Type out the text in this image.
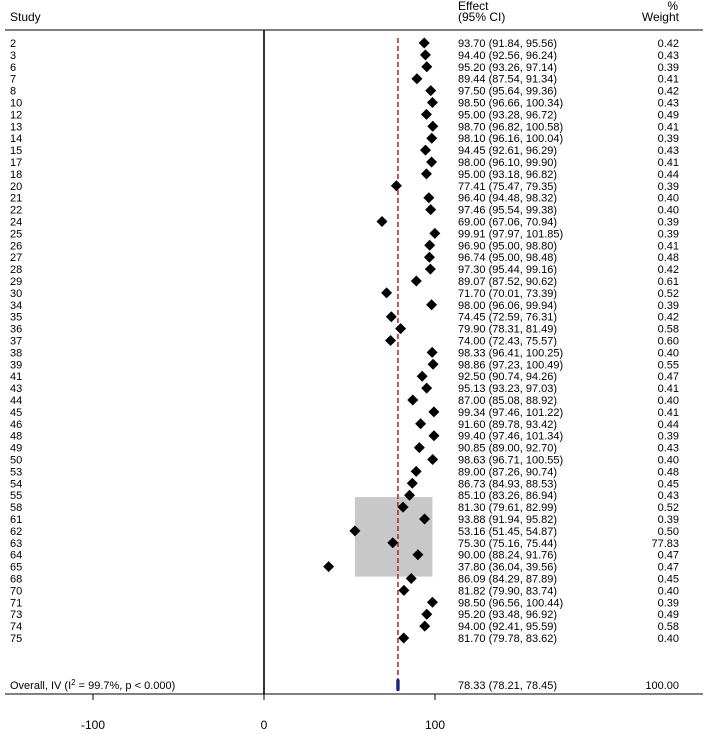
Study
Effect
(95% CI)
%
Weight
2	93.70 (91.84, 95.56)	0.42
3	94.40 (92.56, 96.24)	0.43
6	95.20 (93.26, 97.14)	0.39
7	89.44 (87.54, 91.34)	0.41
8	97.50 (95.64, 99.36)	0.42
10	98.50 (96.66, 100.34)	0.43
12	95.00 (93.28, 96.72)	0.49
13	98.70 (96.82, 100.58)	0.41
14	98.10 (96.16, 100.04)	0.39
15	94.45 (92.61, 96.29)	0.43
17	98.00 (96.10, 99.90)	0.41
18	95.00 (93.18, 96.82)	0.44
20	77.41 (75.47, 79.35)	0.39
21	96.40 (94.48, 98.32)	0.40
22	97.46 (95.54, 99.38)	0.40
24	69.00 (67.06, 70.94)	0.39
25	99.91 (97.97, 101.85)	0.39
26	96.90 (95.00, 98.80)	0.41
27	96.74 (95.00, 98.48)	0.48
28	97.30 (95.44, 99.16)	0.42
29	89.07 (87.52, 90.62)	0.61
30	71.70 (70.01, 73.39)	0.52
34	98.00 (96.06, 99.94)	0.39
35	74.45 (72.59, 76.31)	0.42
36	79.90 (78.31, 81.49)	0.58
37	74.00 (72.43, 75.57)	0.60
38	98.33 (96.41, 100.25)	0.40
39	98.86 (97.23, 100.49)	0.55
41	92.50 (90.74, 94.26)	0.47
43	95.13 (93.23, 97.03)	0.41
44	87.00 (85.08, 88.92)	0.40
45	99.34 (97.46, 101.22)	0.41
46	91.60 (89.78, 93.42)	0.44
48	99.40 (97.46, 101.34)	0.39
49	90.85 (89.00, 92.70)	0.43
50	98.63 (96.71, 100.55)	0.40
53	89.00 (87.26, 90.74)	0.48
54	86.73 (84.93, 88.53)	0.45
55	85.10 (83.26, 86.94)	0.43
58	81.30 (79.61, 82.99)	0.52
61	93.88 (91.94, 95.82)	0.39
62	53.16 (51.45, 54.87)	0.50
63	75.30 (75.16, 75.44)	77.83
64	90.00 (88.24, 91.76)	0.47
65	37.80 (36.04, 39.56)	0.47
68	86.09 (84.29, 87.89)	0.45
70	81.82 (79.90, 83.74)	0.40
71	98.50 (96.56, 100.44)	0.39
73	95.20 (93.48, 96.92)	0.49
74	94.00 (92.41, 95.59)	0.58
75	81.70 (79.78, 83.62)	0.40
Overall, IV ($I^2 = 99.7\%$, p < 0.000)	78.33 (78.21, 78.45)	100.00
-100	0	100
